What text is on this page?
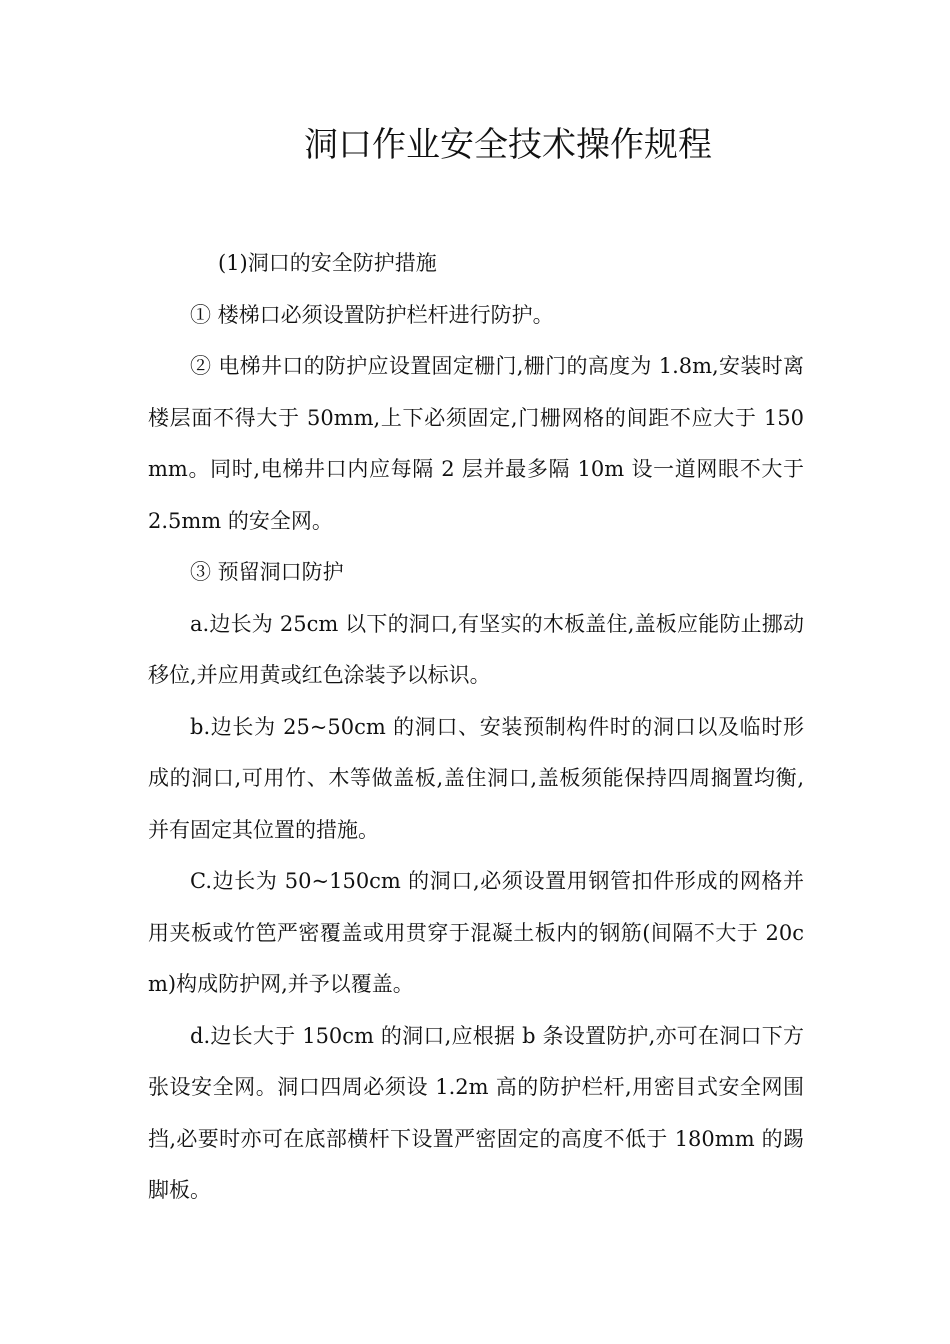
洞口作业安全技术操作规程

(1)洞口的安全防护措施

① 楼梯口必须设置防护栏杆进行防护。

② 电梯井口的防护应设置固定栅门,栅门的高度为 1.8m,安装时离楼层面不得大于 50mm,上下必须固定,门栅网格的间距不应大于 150mm。同时,电梯井口内应每隔 2 层并最多隔 10m 设一道网眼不大于 2.5mm 的安全网。

③ 预留洞口防护

a.边长为 25cm 以下的洞口,有坚实的木板盖住,盖板应能防止挪动移位,并应用黄或红色涂装予以标识。

b.边长为 25~50cm 的洞口、安装预制构件时的洞口以及临时形成的洞口,可用竹、木等做盖板,盖住洞口,盖板须能保持四周搁置均衡,并有固定其位置的措施。

C.边长为 50~150cm 的洞口,必须设置用钢管扣件形成的网格并用夹板或竹笆严密覆盖或用贯穿于混凝土板内的钢筋(间隔不大于 20cm)构成防护网,并予以覆盖。

d.边长大于 150cm 的洞口,应根据 b 条设置防护,亦可在洞口下方张设安全网。洞口四周必须设 1.2m 高的防护栏杆,用密目式安全网围挡,必要时亦可在底部横杆下设置严密固定的高度不低于 180mm 的踢脚板。
